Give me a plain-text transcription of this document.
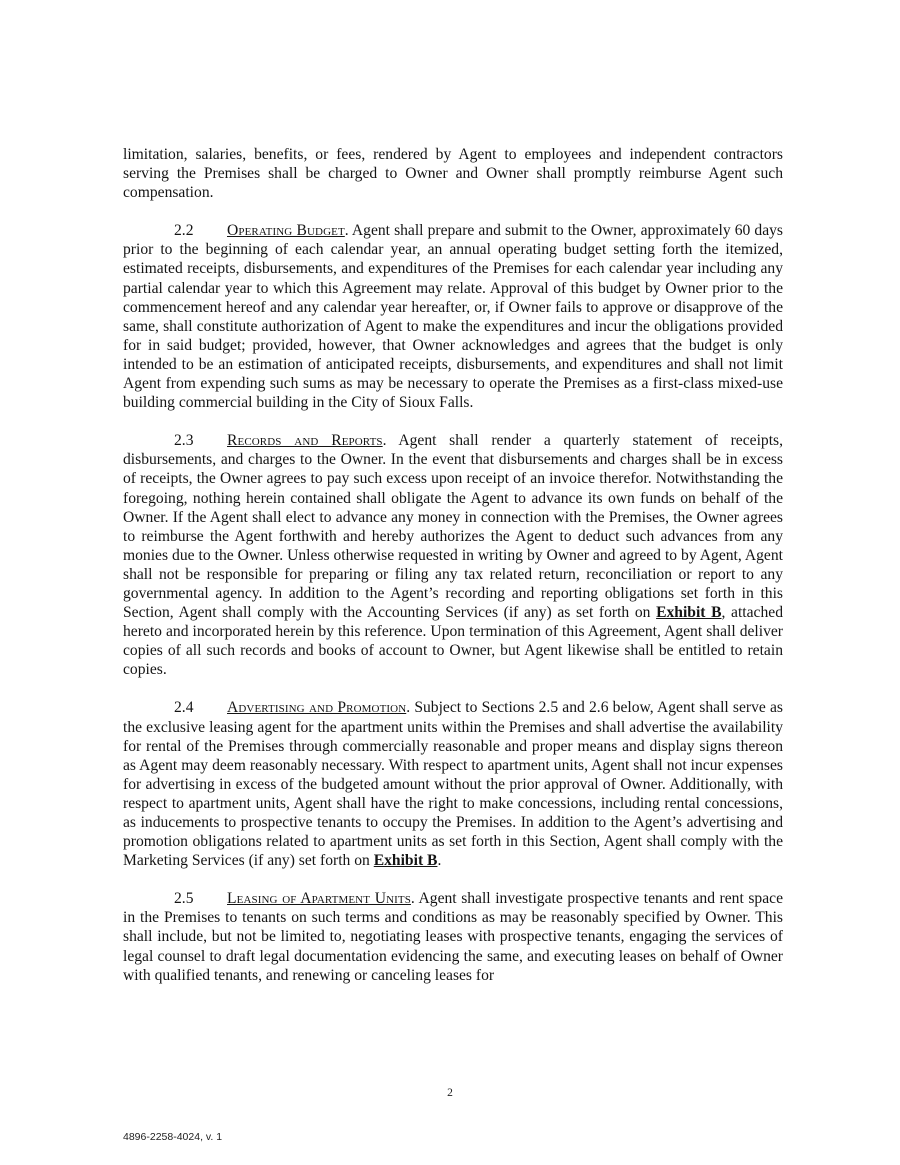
limitation, salaries, benefits, or fees, rendered by Agent to employees and independent contractors serving the Premises shall be charged to Owner and Owner shall promptly reimburse Agent such compensation.

2.2 Operating Budget. Agent shall prepare and submit to the Owner, approximately 60 days prior to the beginning of each calendar year, an annual operating budget setting forth the itemized, estimated receipts, disbursements, and expenditures of the Premises for each calendar year including any partial calendar year to which this Agreement may relate. Approval of this budget by Owner prior to the commencement hereof and any calendar year hereafter, or, if Owner fails to approve or disapprove of the same, shall constitute authorization of Agent to make the expenditures and incur the obligations provided for in said budget; provided, however, that Owner acknowledges and agrees that the budget is only intended to be an estimation of anticipated receipts, disbursements, and expenditures and shall not limit Agent from expending such sums as may be necessary to operate the Premises as a first-class mixed-use building commercial building in the City of Sioux Falls.

2.3 Records and Reports. Agent shall render a quarterly statement of receipts, disbursements, and charges to the Owner. In the event that disbursements and charges shall be in excess of receipts, the Owner agrees to pay such excess upon receipt of an invoice therefor. Notwithstanding the foregoing, nothing herein contained shall obligate the Agent to advance its own funds on behalf of the Owner. If the Agent shall elect to advance any money in connection with the Premises, the Owner agrees to reimburse the Agent forthwith and hereby authorizes the Agent to deduct such advances from any monies due to the Owner. Unless otherwise requested in writing by Owner and agreed to by Agent, Agent shall not be responsible for preparing or filing any tax related return, reconciliation or report to any governmental agency. In addition to the Agent’s recording and reporting obligations set forth in this Section, Agent shall comply with the Accounting Services (if any) as set forth on Exhibit B, attached hereto and incorporated herein by this reference. Upon termination of this Agreement, Agent shall deliver copies of all such records and books of account to Owner, but Agent likewise shall be entitled to retain copies.

2.4 Advertising and Promotion. Subject to Sections 2.5 and 2.6 below, Agent shall serve as the exclusive leasing agent for the apartment units within the Premises and shall advertise the availability for rental of the Premises through commercially reasonable and proper means and display signs thereon as Agent may deem reasonably necessary. With respect to apartment units, Agent shall not incur expenses for advertising in excess of the budgeted amount without the prior approval of Owner. Additionally, with respect to apartment units, Agent shall have the right to make concessions, including rental concessions, as inducements to prospective tenants to occupy the Premises. In addition to the Agent’s advertising and promotion obligations related to apartment units as set forth in this Section, Agent shall comply with the Marketing Services (if any) set forth on Exhibit B.

2.5 Leasing of Apartment Units. Agent shall investigate prospective tenants and rent space in the Premises to tenants on such terms and conditions as may be reasonably specified by Owner. This shall include, but not be limited to, negotiating leases with prospective tenants, engaging the services of legal counsel to draft legal documentation evidencing the same, and executing leases on behalf of Owner with qualified tenants, and renewing or canceling leases for

2
4896-2258-4024, v. 1
